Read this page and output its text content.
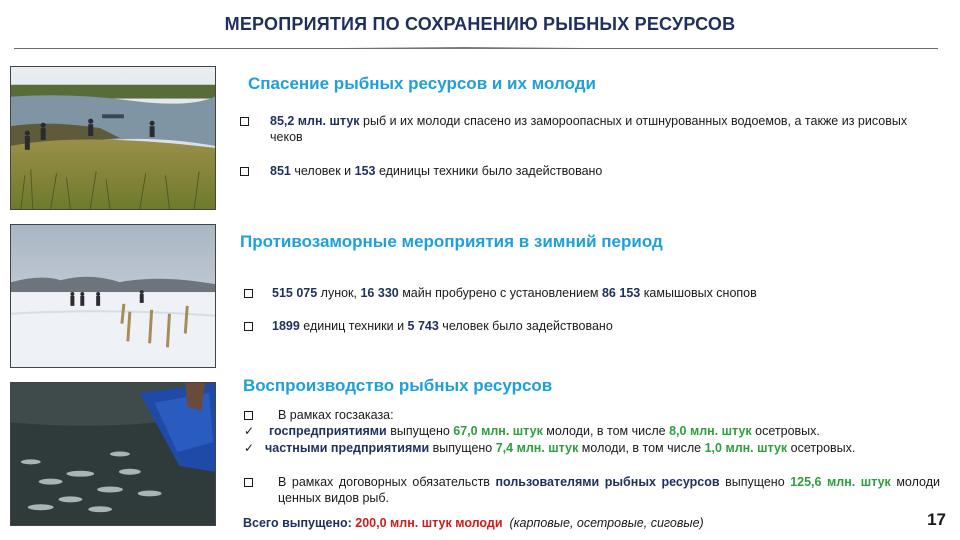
МЕРОПРИЯТИЯ ПО СОХРАНЕНИЮ РЫБНЫХ РЕСУРСОВ
Спасение рыбных ресурсов и их молоди
85,2 млн. штук рыб и их молоди спасено из замороопасных и отшнурованных водоемов, а также из рисовых чеков
851 человек и 153 единицы техники было задействовано
Противозаморные мероприятия в зимний период
515 075 лунок, 16 330 майн пробурено с установлением 86 153 камышовых снопов
1899 единиц техники и 5 743 человек было задействовано
Воспроизводство рыбных ресурсов
В рамках госзаказа:
✓ госпредприятиями выпущено 67,0 млн. штук молоди, в том числе 8,0 млн. штук осетровых.
✓ частными предприятиями выпущено 7,4 млн. штук молоди, в том числе 1,0 млн. штук осетровых.
В рамках договорных обязательств пользователями рыбных ресурсов выпущено 125,6 млн. штук молоди ценных видов рыб.
Всего выпущено: 200,0 млн. штук молоди (карповые, осетровые, сиговые)	17
